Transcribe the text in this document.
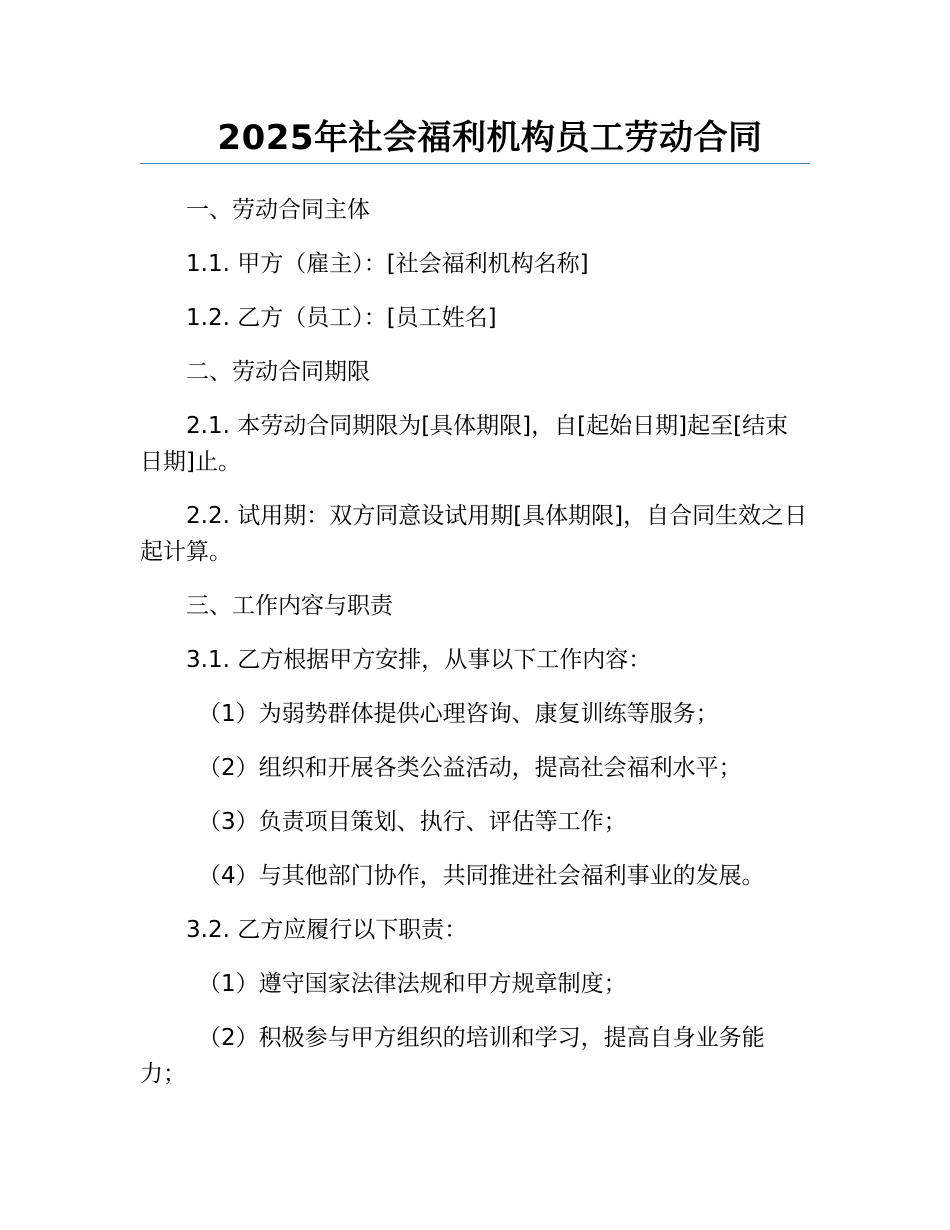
2025年社会福利机构员工劳动合同

一、劳动合同主体

1.1. 甲方（雇主）：[社会福利机构名称]

1.2. 乙方（员工）：[员工姓名]

二、劳动合同期限

2.1. 本劳动合同期限为[具体期限]，自[起始日期]起至[结束日期]止。

2.2. 试用期：双方同意设试用期[具体期限]，自合同生效之日起计算。

三、工作内容与职责

3.1. 乙方根据甲方安排，从事以下工作内容：

（1）为弱势群体提供心理咨询、康复训练等服务；

（2）组织和开展各类公益活动，提高社会福利水平；

（3）负责项目策划、执行、评估等工作；

（4）与其他部门协作，共同推进社会福利事业的发展。

3.2. 乙方应履行以下职责：

（1）遵守国家法律法规和甲方规章制度；

（2）积极参与甲方组织的培训和学习，提高自身业务能力；
